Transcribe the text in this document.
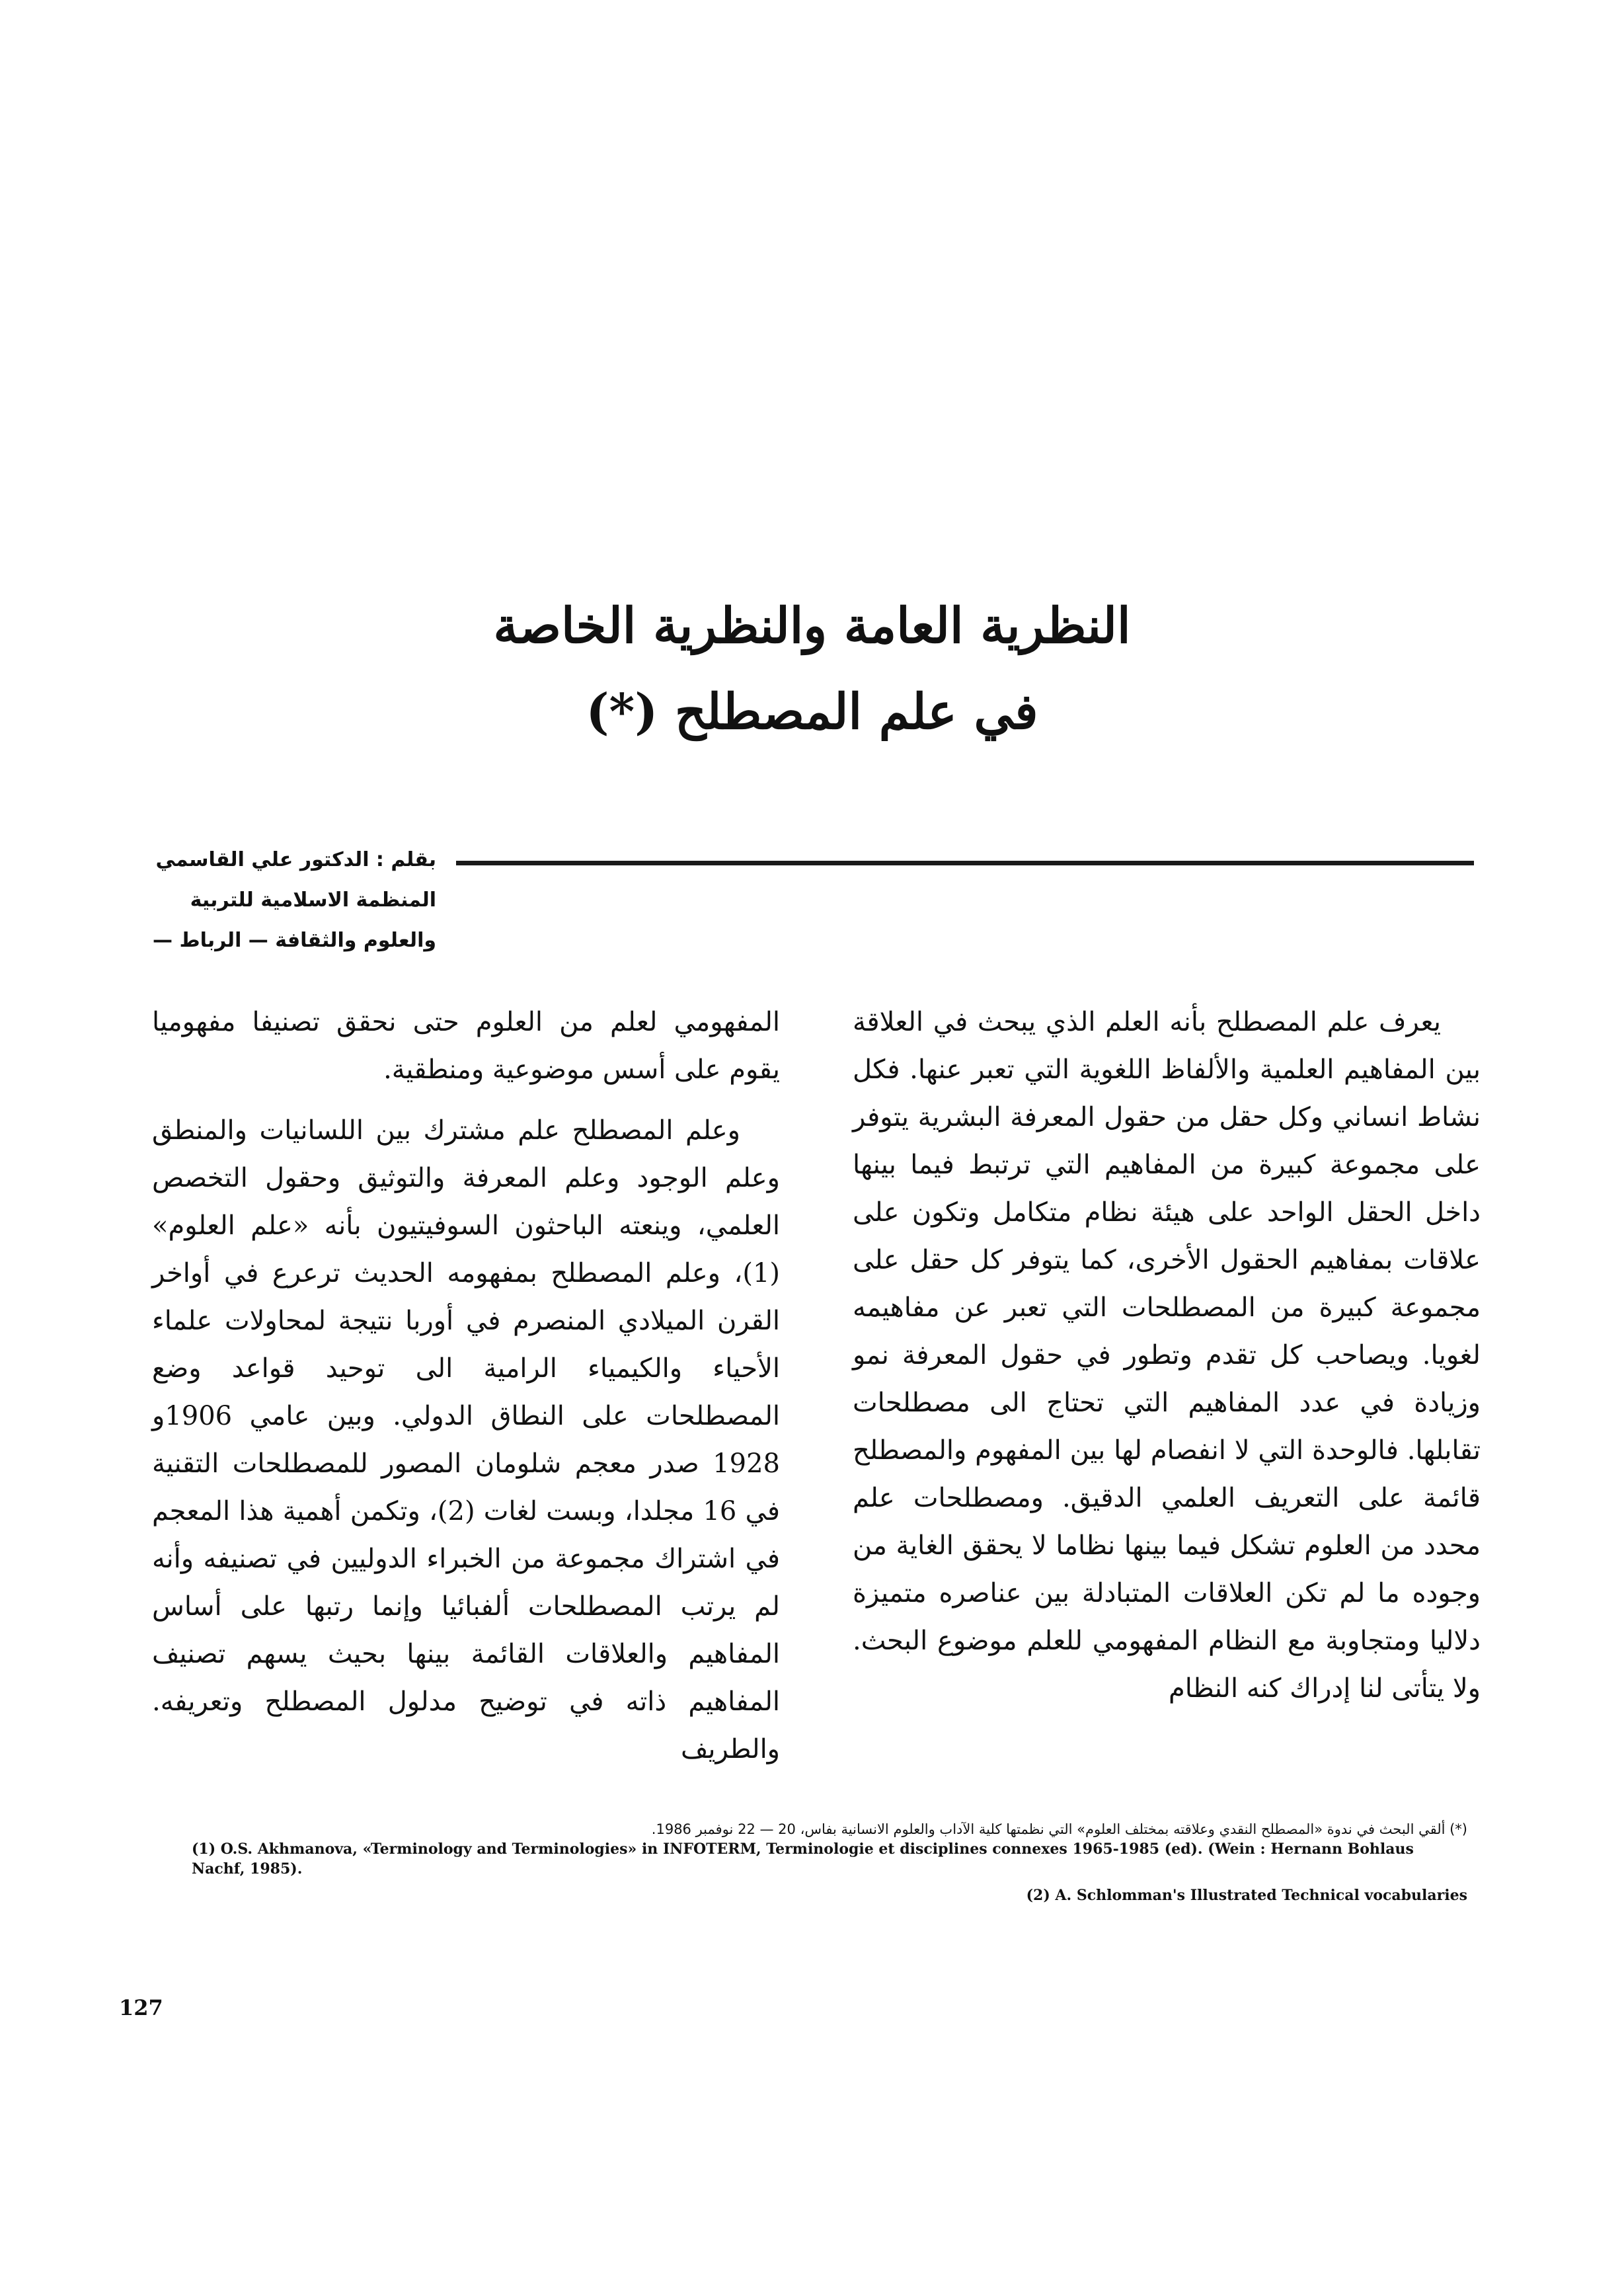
النظرية العامة والنظرية الخاصة
في علم المصطلح (*)
بقلم : الدكتور علي القاسمي
المنظمة الاسلامية للتربية
والعلوم والثقافة — الرباط —

يعرف علم المصطلح بأنه العلم الذي يبحث في العلاقة بين المفاهيم العلمية والألفاظ اللغوية التي تعبر عنها. فكل نشاط انساني وكل حقل من حقول المعرفة البشرية يتوفر على مجموعة كبيرة من المفاهيم التي ترتبط فيما بينها داخل الحقل الواحد على هيئة نظام متكامل وتكون على علاقات بمفاهيم الحقول الأخرى، كما يتوفر كل حقل على مجموعة كبيرة من المصطلحات التي تعبر عن مفاهيمه لغويا. ويصاحب كل تقدم وتطور في حقول المعرفة نمو وزيادة في عدد المفاهيم التي تحتاج الى مصطلحات تقابلها. فالوحدة التي لا انفصام لها بين المفهوم والمصطلح قائمة على التعريف العلمي الدقيق. ومصطلحات علم محدد من العلوم تشكل فيما بينها نظاما لا يحقق الغاية من وجوده ما لم تكن العلاقات المتبادلة بين عناصره متميزة دلاليا ومتجاوبة مع النظام المفهومي للعلم موضوع البحث. ولا يتأتى لنا إدراك كنه النظام

المفهومي لعلم من العلوم حتى نحقق تصنيفا مفهوميا يقوم على أسس موضوعية ومنطقية.

وعلم المصطلح علم مشترك بين اللسانيات والمنطق وعلم الوجود وعلم المعرفة والتوثيق وحقول التخصص العلمي، وينعته الباحثون السوفيتيون بأنه «علم العلوم» (1)، وعلم المصطلح بمفهومه الحديث ترعرع في أواخر القرن الميلادي المنصرم في أوربا نتيجة لمحاولات علماء الأحياء والكيمياء الرامية الى توحيد قواعد وضع المصطلحات على النطاق الدولي. وبين عامي 1906و 1928 صدر معجم شلومان المصور للمصطلحات التقنية في 16 مجلدا، وبست لغات (2)، وتكمن أهمية هذا المعجم في اشتراك مجموعة من الخبراء الدوليين في تصنيفه وأنه لم يرتب المصطلحات ألفبائيا وإنما رتبها على أساس المفاهيم والعلاقات القائمة بينها بحيث يسهم تصنيف المفاهيم ذاته في توضيح مدلول المصطلح وتعريفه. والطريف

(*) ألقي البحث في ندوة «المصطلح النقدي وعلاقته بمختلف العلوم» التي نظمتها كلية الآداب والعلوم الانسانية بفاس، 20 — 22 نوفمبر 1986.

(1) O.S. Akhmanova, «Terminology and Terminologies» in INFOTERM, Terminologie et disciplines connexes 1965-1985 (ed). (Wein : Hernann Bohlaus Nachf, 1985).

(2) A. Schlomman's Illustrated Technical vocabularies

127
